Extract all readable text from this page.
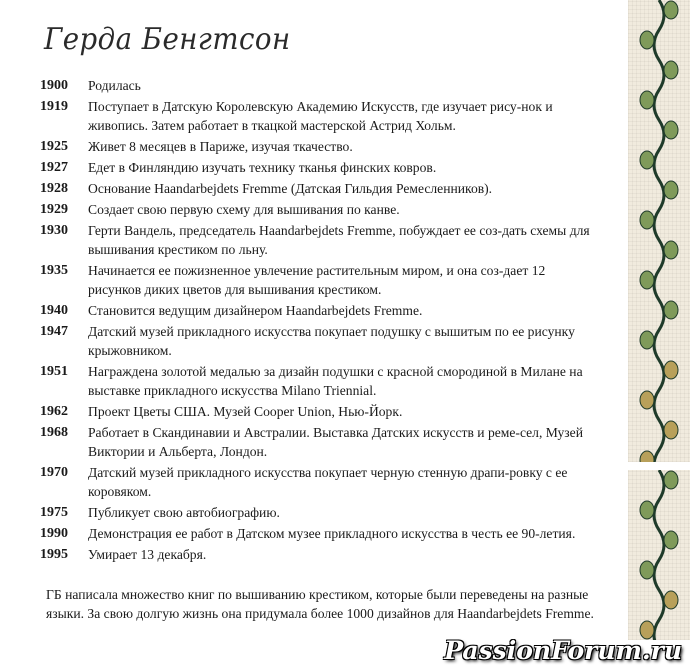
Герда Бенгтсон
1900	Родилась
1919	Поступает в Датскую Королевскую Академию Искусств, где изучает рису-нок и живопись. Затем работает в ткацкой мастерской Астрид Хольм.
1925	Живет 8 месяцев в Париже, изучая ткачество.
1927	Едет в Финляндию изучать технику тканья финских ковров.
1928	Основание Haandarbejdets Fremme (Датская Гильдия Ремесленников).
1929	Создает свою первую схему для вышивания по канве.
1930	Герти Вандель, председатель Haandarbejdets Fremme, побуждает ее соз-дать схемы для вышивания крестиком по льну.
1935	Начинается ее пожизненное увлечение растительным миром, и она соз-дает 12 рисунков диких цветов для вышивания крестиком.
1940	Становится ведущим дизайнером Haandarbejdets Fremme.
1947	Датский музей прикладного искусства покупает подушку с вышитым по ее рисунку крыжовником.
1951	Награждена золотой медалью за дизайн подушки с красной смородиной в Милане на выставке прикладного искусства Milano Triennial.
1962	Проект Цветы США. Музей Cooper Union, Нью-Йорк.
1968	Работает в Скандинавии и Австралии. Выставка Датских искусств и реме-сел, Музей Виктории и Альберта, Лондон.
1970	Датский музей прикладного искусства покупает черную стенную драпи-ровку с ее коровяком.
1975	Публикует свою автобиографию.
1990	Демонстрация ее работ в Датском музее прикладного искусства в честь ее 90-летия.
1995	Умирает 13 декабря.
ГБ написала множество книг по вышиванию крестиком, которые были переведены на разные языки. За свою долгую жизнь она придумала более 1000 дизайнов для Haandarbejdets Fremme.
PassionForum.ru
